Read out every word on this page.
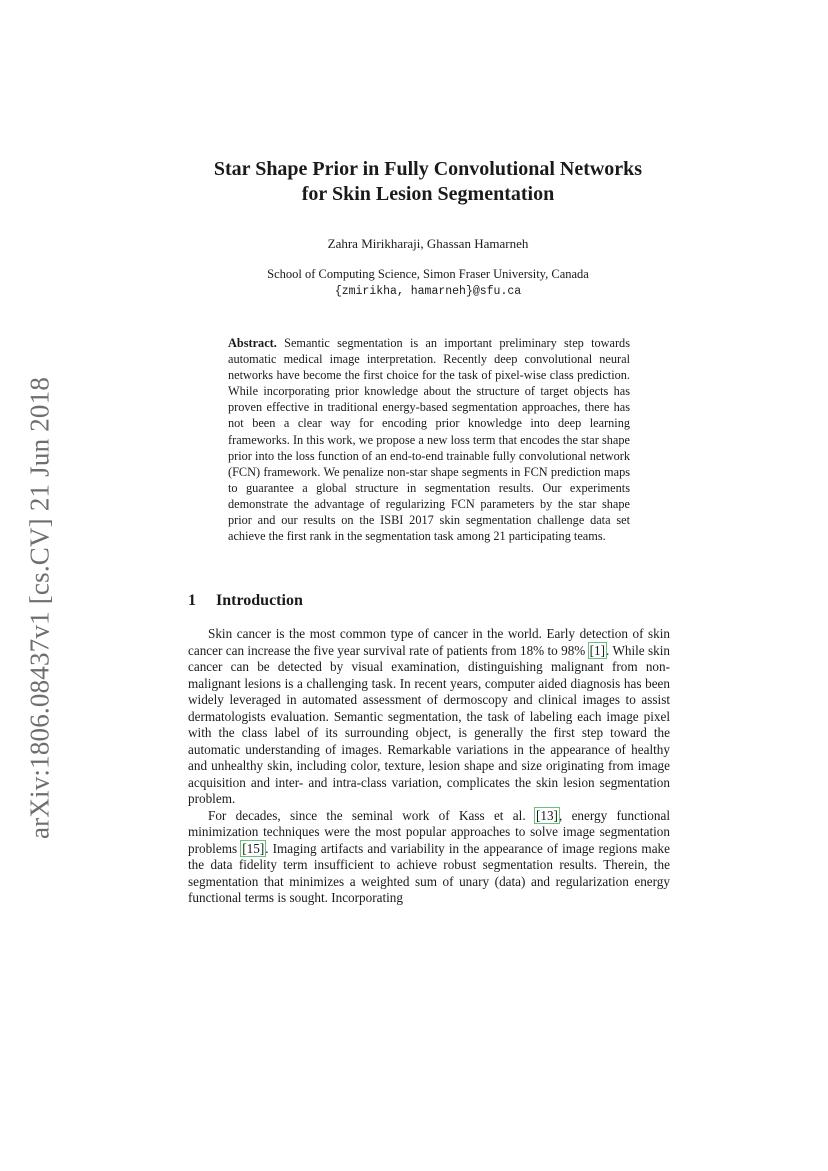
arXiv:1806.08437v1 [cs.CV] 21 Jun 2018
Star Shape Prior in Fully Convolutional Networks
for Skin Lesion Segmentation
Zahra Mirikharaji, Ghassan Hamarneh
School of Computing Science, Simon Fraser University, Canada
{zmirikha, hamarneh}@sfu.ca
Abstract. Semantic segmentation is an important preliminary step towards automatic medical image interpretation. Recently deep convolutional neural networks have become the first choice for the task of pixel-wise class prediction. While incorporating prior knowledge about the structure of target objects has proven effective in traditional energy-based segmentation approaches, there has not been a clear way for encoding prior knowledge into deep learning frameworks. In this work, we propose a new loss term that encodes the star shape prior into the loss function of an end-to-end trainable fully convolutional network (FCN) framework. We penalize non-star shape segments in FCN prediction maps to guarantee a global structure in segmentation results. Our experiments demonstrate the advantage of regularizing FCN parameters by the star shape prior and our results on the ISBI 2017 skin segmentation challenge data set achieve the first rank in the segmentation task among 21 participating teams.
1 Introduction

Skin cancer is the most common type of cancer in the world. Early detection of skin cancer can increase the five year survival rate of patients from 18% to 98% [1]. While skin cancer can be detected by visual examination, distinguishing malignant from non-malignant lesions is a challenging task. In recent years, computer aided diagnosis has been widely leveraged in automated assessment of dermoscopy and clinical images to assist dermatologists evaluation. Semantic segmentation, the task of labeling each image pixel with the class label of its surrounding object, is generally the first step toward the automatic understanding of images. Remarkable variations in the appearance of healthy and unhealthy skin, including color, texture, lesion shape and size originating from image acquisition and inter- and intra-class variation, complicates the skin lesion segmentation problem.

For decades, since the seminal work of Kass et al. [13], energy functional minimization techniques were the most popular approaches to solve image segmentation problems [15]. Imaging artifacts and variability in the appearance of image regions make the data fidelity term insufficient to achieve robust segmentation results. Therein, the segmentation that minimizes a weighted sum of unary (data) and regularization energy functional terms is sought. Incorporating
